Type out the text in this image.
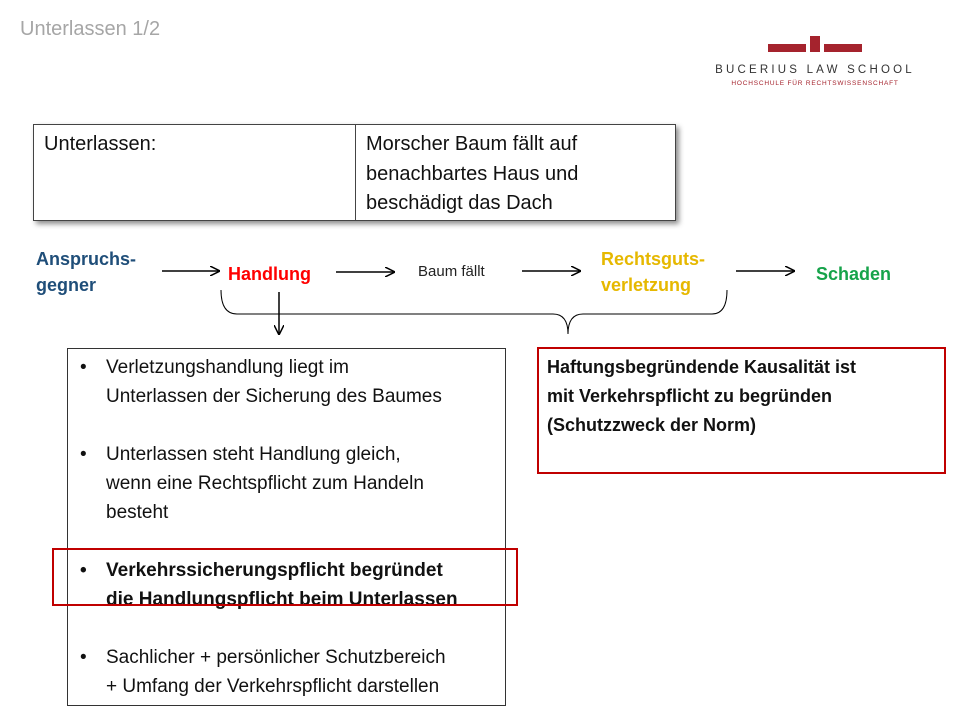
Unterlassen 1/2
BUCERIUS LAW SCHOOL
HOCHSCHULE FÜR RECHTSWISSENSCHAFT
Unterlassen:	Morscher Baum fällt auf
benachbartes Haus und
beschädigt das Dach
Anspruchs-
gegner
Handlung	Baum fällt
Rechtsguts-
verletzung
Schaden
• Verletzungshandlung liegt im
Unterlassen der Sicherung des Baumes
• Unterlassen steht Handlung gleich,
wenn eine Rechtspflicht zum Handeln
besteht
• Verkehrssicherungspflicht begründet
die Handlungspflicht beim Unterlassen
• Sachlicher + persönlicher Schutzbereich
+ Umfang der Verkehrspflicht darstellen
Haftungsbegründende Kausalität ist
mit Verkehrspflicht zu begründen
(Schutzzweck der Norm)
